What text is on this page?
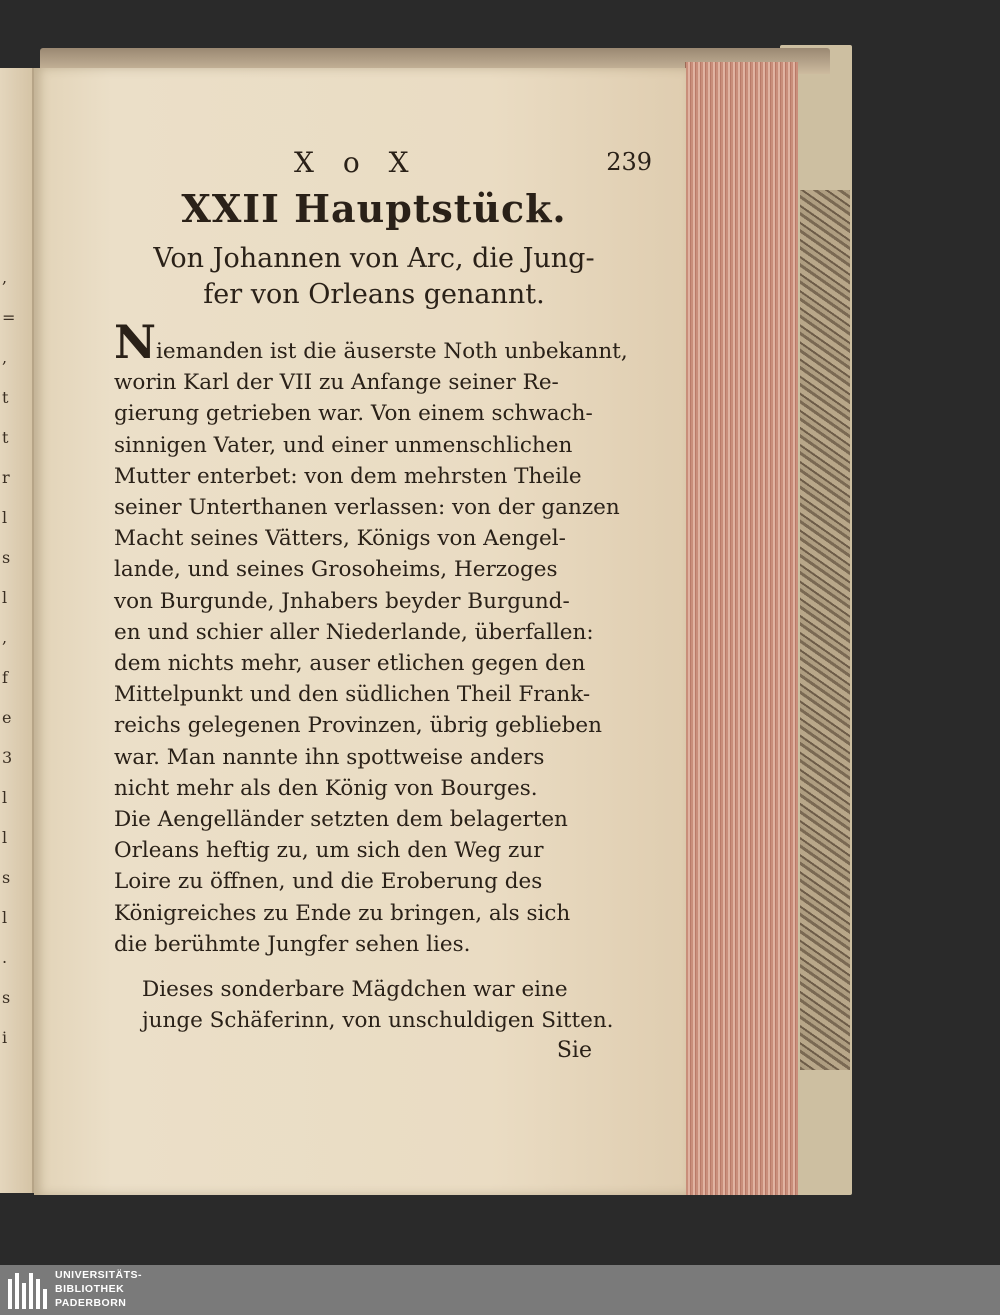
,
=
,
t
t
r
l
s
l
,
f
e
3
l
l
s
l
.
s
i
X o X	239
XXII Hauptstück.
Von Johannen von Arc, die Jung-
fer von Orleans genannt.
Niemanden ist die äuserste Noth unbekannt,
worin Karl der VII zu Anfange seiner Re-
gierung getrieben war. Von einem schwach-
sinnigen Vater, und einer unmenschlichen
Mutter enterbet: von dem mehrsten Theile
seiner Unterthanen verlassen: von der ganzen
Macht seines Vätters, Königs von Aengel-
lande, und seines Grosoheims, Herzoges
von Burgunde, Jnhabers beyder Burgund-
en und schier aller Niederlande, überfallen:
dem nichts mehr, auser etlichen gegen den
Mittelpunkt und den südlichen Theil Frank-
reichs gelegenen Provinzen, übrig geblieben
war. Man nannte ihn spottweise anders
nicht mehr als den König von Bourges.
Die Aengelländer setzten dem belagerten
Orleans heftig zu, um sich den Weg zur
Loire zu öffnen, und die Eroberung des
Königreiches zu Ende zu bringen, als sich
die berühmte Jungfer sehen lies.
Dieses sonderbare Mägdchen war eine
junge Schäferinn, von unschuldigen Sitten.
Sie
UNIVERSITÄTS-
BIBLIOTHEK
PADERBORN
